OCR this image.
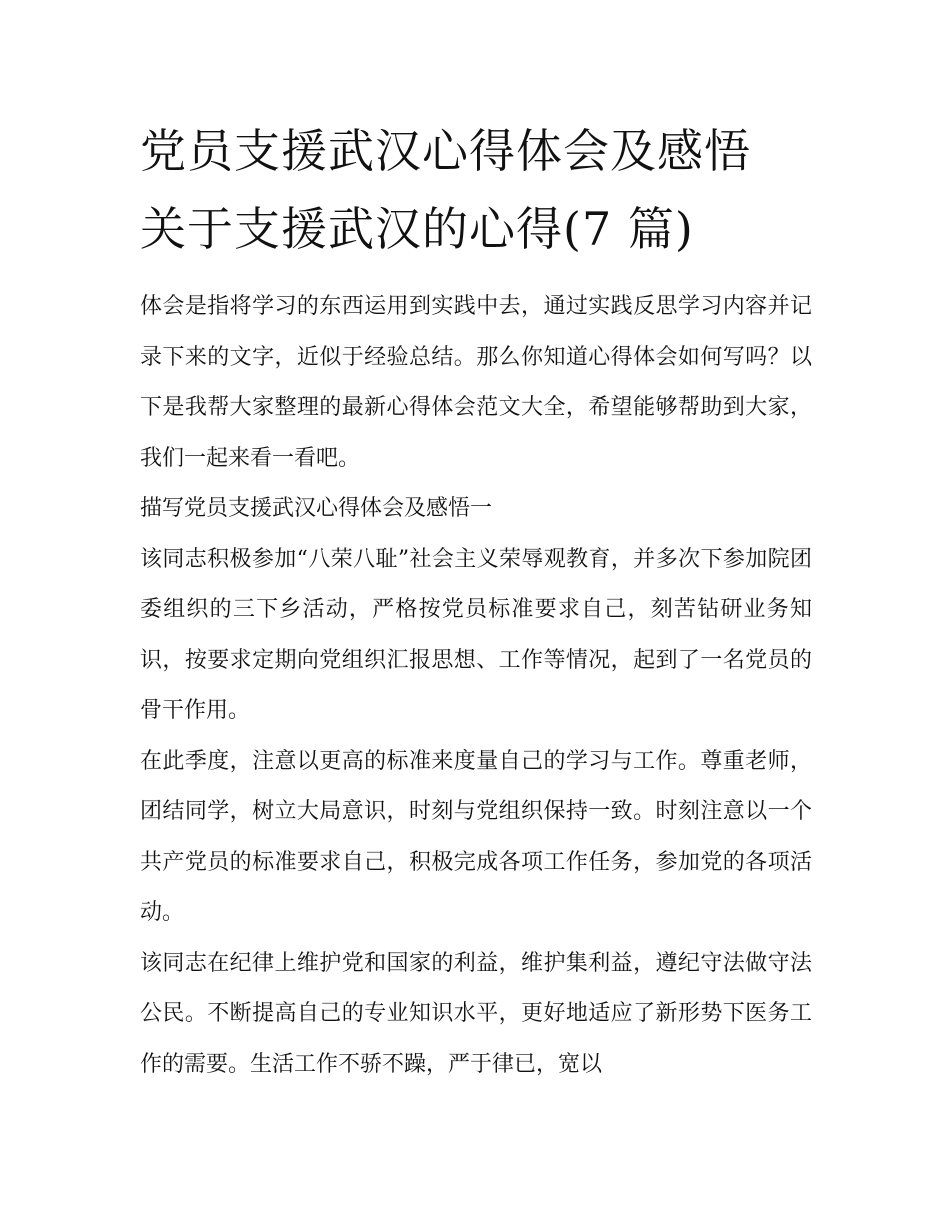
党员支援武汉心得体会及感悟
关于支援武汉的心得(7 篇)

体会是指将学习的东西运用到实践中去，通过实践反思学习内容并记录下来的文字，近似于经验总结。那么你知道心得体会如何写吗？以下是我帮大家整理的最新心得体会范文大全，希望能够帮助到大家，我们一起来看一看吧。

描写党员支援武汉心得体会及感悟一

该同志积极参加“八荣八耻”社会主义荣辱观教育，并多次下参加院团委组织的三下乡活动，严格按党员标准要求自己，刻苦钻研业务知识，按要求定期向党组织汇报思想、工作等情况，起到了一名党员的骨干作用。

在此季度，注意以更高的标准来度量自己的学习与工作。尊重老师，团结同学，树立大局意识，时刻与党组织保持一致。时刻注意以一个共产党员的标准要求自己，积极完成各项工作任务，参加党的各项活动。

该同志在纪律上维护党和国家的利益，维护集利益，遵纪守法做守法公民。不断提高自己的专业知识水平，更好地适应了新形势下医务工作的需要。生活工作不骄不躁，严于律已，宽以
